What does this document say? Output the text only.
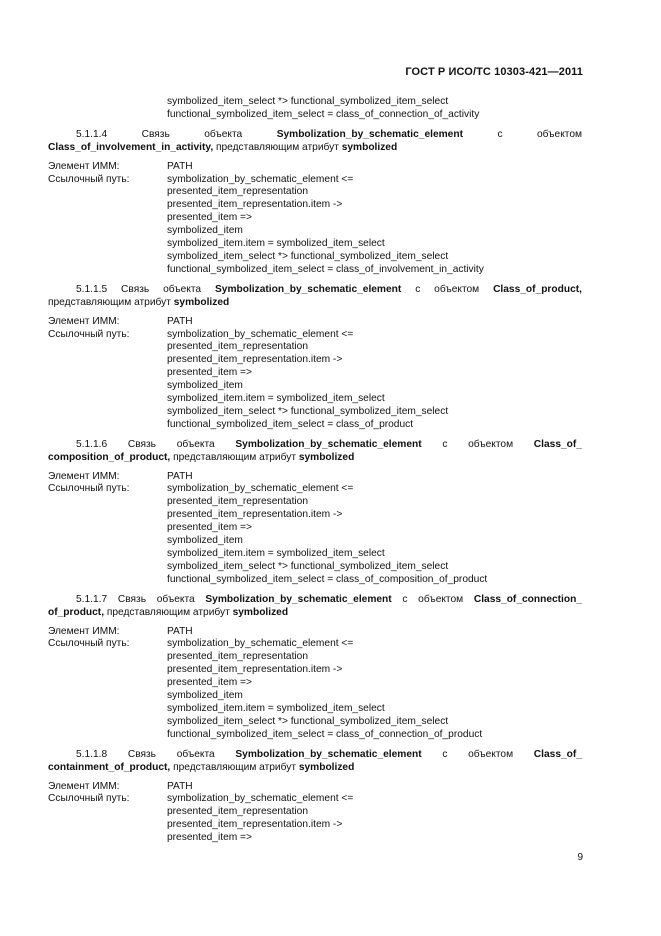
ГОСТ Р ИСО/ТС 10303-421—2011
symbolized_item_select *> functional_symbolized_item_select
functional_symbolized_item_select = class_of_connection_of_activity
5.1.1.4 Связь	объекта	Symbolization_by_schematic_element	с	объектом
Class_of_involvement_in_activity, представляющим атрибут symbolized
Элемент ИММ:	PATH
Ссылочный путь:	symbolization_by_schematic_element <=
presented_item_representation
presented_item_representation.item ->
presented_item =>
symbolized_item
symbolized_item.item = symbolized_item_select
symbolized_item_select *> functional_symbolized_item_select
functional_symbolized_item_select = class_of_involvement_in_activity
5.1.1.5 Связь объекта Symbolization_by_schematic_element с объектом Class_of_product,
представляющим атрибут symbolized
Элемент ИММ:	PATH
Ссылочный путь:	symbolization_by_schematic_element <=
presented_item_representation
presented_item_representation.item ->
presented_item =>
symbolized_item
symbolized_item.item = symbolized_item_select
symbolized_item_select *> functional_symbolized_item_select
functional_symbolized_item_select = class_of_product
5.1.1.6 Связь объекта Symbolization_by_schematic_element с объектом Class_of_
composition_of_product, представляющим атрибут symbolized
Элемент ИММ:	PATH
Ссылочный путь:	symbolization_by_schematic_element <=
presented_item_representation
presented_item_representation.item ->
presented_item =>
symbolized_item
symbolized_item.item = symbolized_item_select
symbolized_item_select *> functional_symbolized_item_select
functional_symbolized_item_select = class_of_composition_of_product
5.1.1.7 Связь объекта Symbolization_by_schematic_element с объектом Class_of_connection_
of_product, представляющим атрибут symbolized
Элемент ИММ:	PATH
Ссылочный путь:	symbolization_by_schematic_element <=
presented_item_representation
presented_item_representation.item ->
presented_item =>
symbolized_item
symbolized_item.item = symbolized_item_select
symbolized_item_select *> functional_symbolized_item_select
functional_symbolized_item_select = class_of_connection_of_product
5.1.1.8 Связь объекта Symbolization_by_schematic_element с объектом Class_of_
containment_of_product, представляющим атрибут symbolized
Элемент ИММ:	PATH
Ссылочный путь:	symbolization_by_schematic_element <=
presented_item_representation
presented_item_representation.item ->
presented_item =>
9
